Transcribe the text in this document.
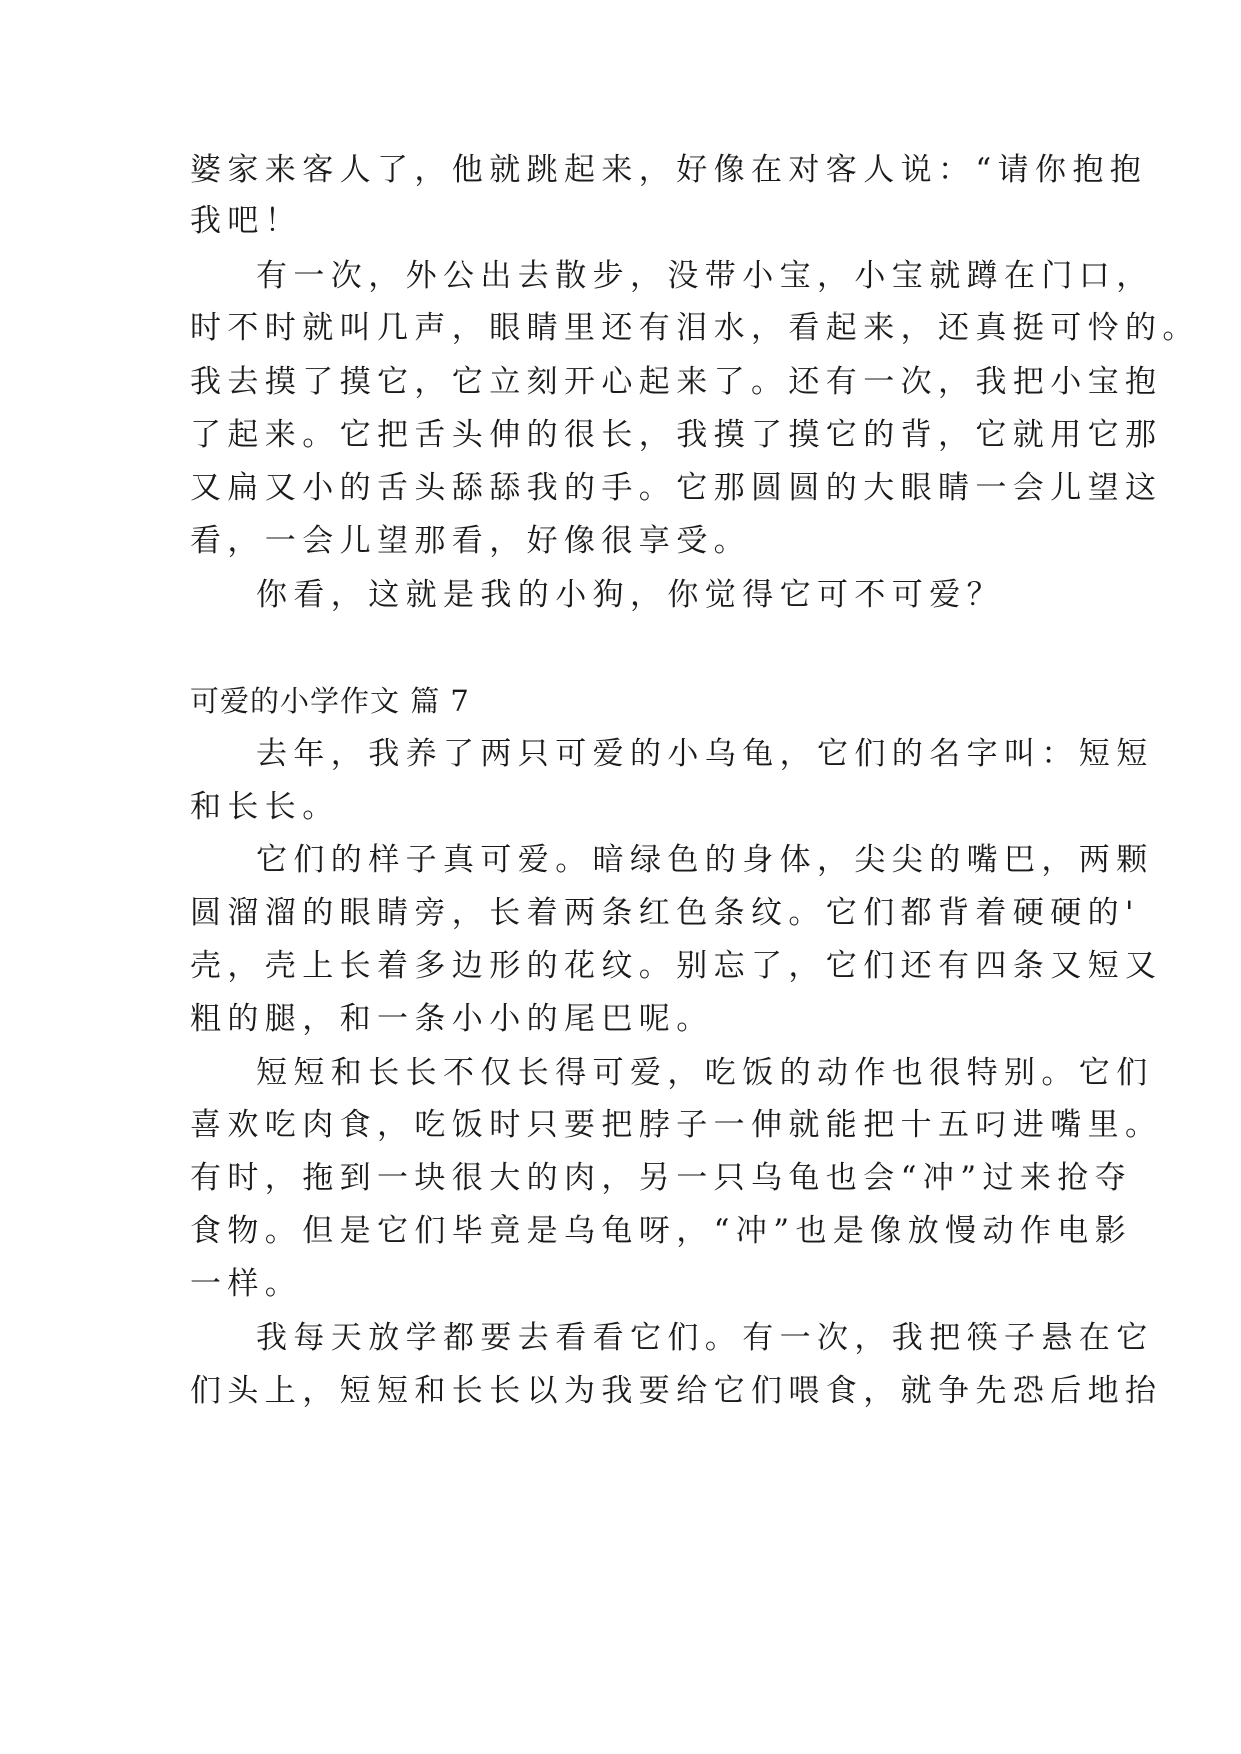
婆家来客人了，他就跳起来，好像在对客人说：“请你抱抱
我吧！
有一次，外公出去散步，没带小宝，小宝就蹲在门口，
时不时就叫几声，眼睛里还有泪水，看起来，还真挺可怜的。
我去摸了摸它，它立刻开心起来了。还有一次，我把小宝抱
了起来。它把舌头伸的很长，我摸了摸它的背，它就用它那
又扁又小的舌头舔舔我的手。它那圆圆的大眼睛一会儿望这
看，一会儿望那看，好像很享受。
你看，这就是我的小狗，你觉得它可不可爱？
可爱的小学作文 篇 7
去年，我养了两只可爱的小乌龟，它们的名字叫：短短
和长长。
它们的样子真可爱。暗绿色的身体，尖尖的嘴巴，两颗
圆溜溜的眼睛旁，长着两条红色条纹。它们都背着硬硬的'
壳，壳上长着多边形的花纹。别忘了，它们还有四条又短又
粗的腿，和一条小小的尾巴呢。
短短和长长不仅长得可爱，吃饭的动作也很特别。它们
喜欢吃肉食，吃饭时只要把脖子一伸就能把十五叼进嘴里。
有时，拖到一块很大的肉，另一只乌龟也会“冲”过来抢夺
食物。但是它们毕竟是乌龟呀，“冲”也是像放慢动作电影
一样。
我每天放学都要去看看它们。有一次，我把筷子悬在它
们头上，短短和长长以为我要给它们喂食，就争先恐后地抬
